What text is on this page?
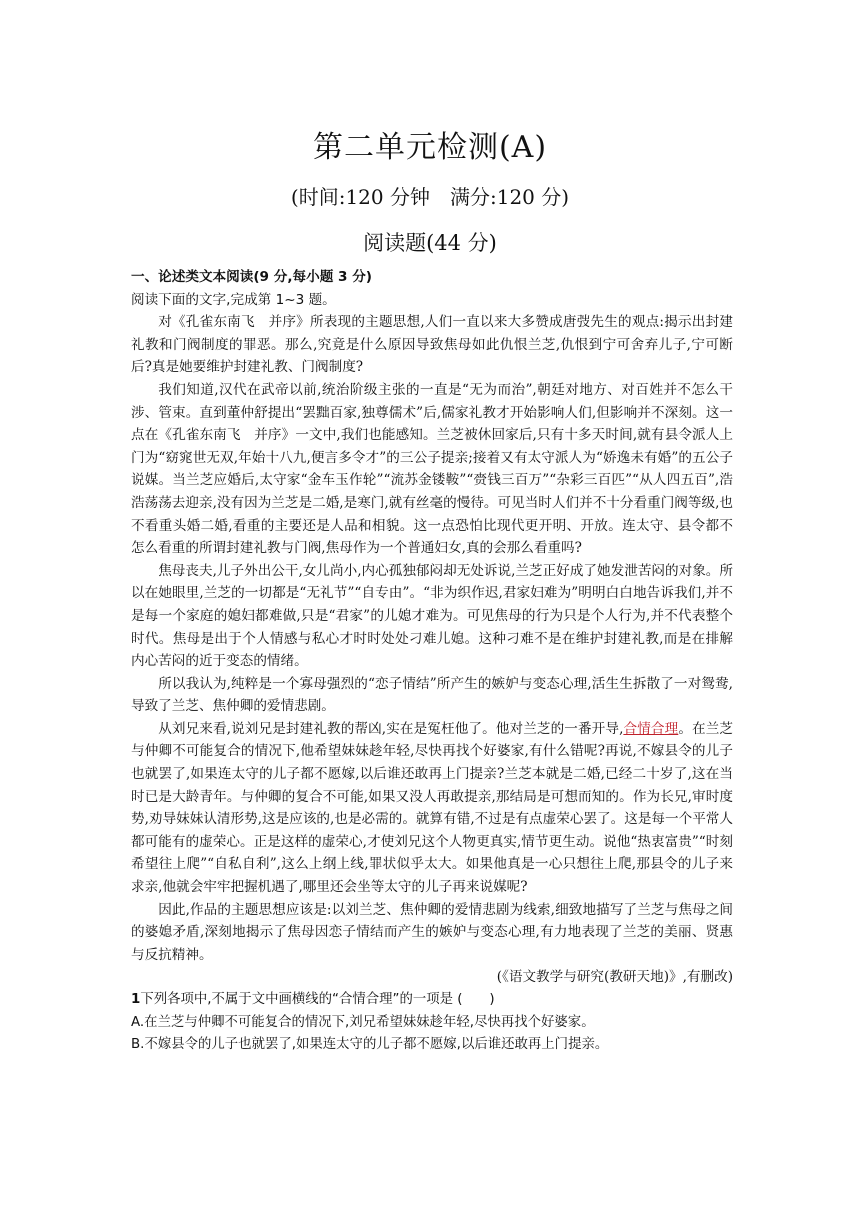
第二单元检测(A)
(时间:120 分钟　满分:120 分)
阅读题(44 分)

一、论述类文本阅读(9 分,每小题 3 分)

阅读下面的文字,完成第 1~3 题。

对《孔雀东南飞　并序》所表现的主题思想,人们一直以来大多赞成唐弢先生的观点:揭示出封建礼教和门阀制度的罪恶。那么,究竟是什么原因导致焦母如此仇恨兰芝,仇恨到宁可舍弃儿子,宁可断后?真是她要维护封建礼教、门阀制度?

我们知道,汉代在武帝以前,统治阶级主张的一直是“无为而治”,朝廷对地方、对百姓并不怎么干涉、管束。直到董仲舒提出“罢黜百家,独尊儒术”后,儒家礼教才开始影响人们,但影响并不深刻。这一点在《孔雀东南飞　并序》一文中,我们也能感知。兰芝被休回家后,只有十多天时间,就有县令派人上门为“窈窕世无双,年始十八九,便言多令才”的三公子提亲;接着又有太守派人为“娇逸未有婚”的五公子说媒。当兰芝应婚后,太守家“金车玉作轮”“流苏金镂鞍”“赍钱三百万”“杂彩三百匹”“从人四五百”,浩浩荡荡去迎亲,没有因为兰芝是二婚,是寒门,就有丝毫的慢待。可见当时人们并不十分看重门阀等级,也不看重头婚二婚,看重的主要还是人品和相貌。这一点恐怕比现代更开明、开放。连太守、县令都不怎么看重的所谓封建礼教与门阀,焦母作为一个普通妇女,真的会那么看重吗?

焦母丧夫,儿子外出公干,女儿尚小,内心孤独郁闷却无处诉说,兰芝正好成了她发泄苦闷的对象。所以在她眼里,兰芝的一切都是“无礼节”“自专由”。“非为织作迟,君家妇难为”明明白白地告诉我们,并不是每一个家庭的媳妇都难做,只是“君家”的儿媳才难为。可见焦母的行为只是个人行为,并不代表整个时代。焦母是出于个人情感与私心才时时处处刁难儿媳。这种刁难不是在维护封建礼教,而是在排解内心苦闷的近于变态的情绪。

所以我认为,纯粹是一个寡母强烈的“恋子情结”所产生的嫉妒与变态心理,活生生拆散了一对鸳鸯,导致了兰芝、焦仲卿的爱情悲剧。

从刘兄来看,说刘兄是封建礼教的帮凶,实在是冤枉他了。他对兰芝的一番开导,合情合理。在兰芝与仲卿不可能复合的情况下,他希望妹妹趁年轻,尽快再找个好婆家,有什么错呢?再说,不嫁县令的儿子也就罢了,如果连太守的儿子都不愿嫁,以后谁还敢再上门提亲?兰芝本就是二婚,已经二十岁了,这在当时已是大龄青年。与仲卿的复合不可能,如果又没人再敢提亲,那结局是可想而知的。作为长兄,审时度势,劝导妹妹认清形势,这是应该的,也是必需的。就算有错,不过是有点虚荣心罢了。这是每一个平常人都可能有的虚荣心。正是这样的虚荣心,才使刘兄这个人物更真实,情节更生动。说他“热衷富贵”“时刻希望往上爬”“自私自利”,这么上纲上线,罪状似乎太大。如果他真是一心只想往上爬,那县令的儿子来求亲,他就会牢牢把握机遇了,哪里还会坐等太守的儿子再来说媒呢?

因此,作品的主题思想应该是:以刘兰芝、焦仲卿的爱情悲剧为线索,细致地描写了兰芝与焦母之间的婆媳矛盾,深刻地揭示了焦母因恋子情结而产生的嫉妒与变态心理,有力地表现了兰芝的美丽、贤惠与反抗精神。

(《语文教学与研究(教研天地)》,有删改)

1下列各项中,不属于文中画横线的“合情合理”的一项是 (　　)

A.在兰芝与仲卿不可能复合的情况下,刘兄希望妹妹趁年轻,尽快再找个好婆家。

B.不嫁县令的儿子也就罢了,如果连太守的儿子都不愿嫁,以后谁还敢再上门提亲。
